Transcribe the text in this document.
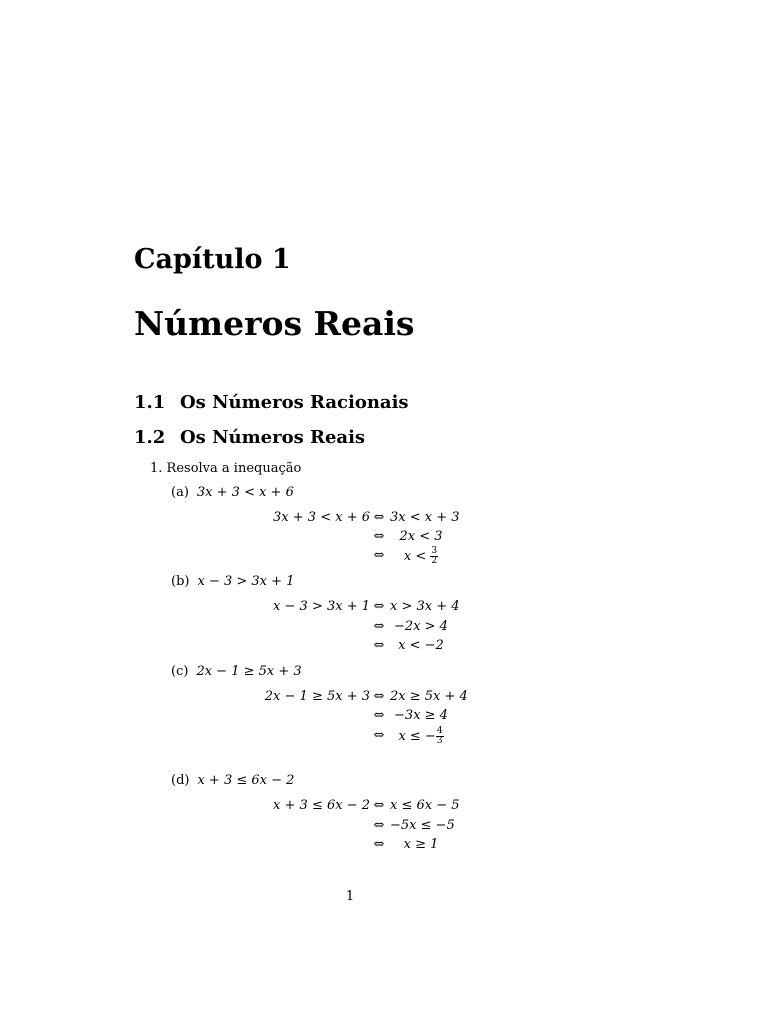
Capítulo 1
Números Reais
1.1 Os Números Racionais
1.2 Os Números Reais
1. Resolva a inequação
(a) 3x + 3 < x + 6
3x + 3 < x + 6 ⇔ 3x < x + 3
⇔	2x < 3
⇔	$x < \frac{3}{2}$
(b) x − 3 > 3x + 1
x − 3 > 3x + 1 ⇔ x > 3x + 4
⇔ −2x > 4
⇔	x < −2
(c) 2x − 1 ≥ 5x + 3
2x − 1 ≥ 5x + 3 ⇔ 2x ≥ 5x + 4
⇔ −3x ≥ 4
⇔	x ≤ − $\frac{4}{3}$
(d) x + 3 ≤ 6x − 2
x + 3 ≤ 6x − 2 ⇔ x ≤ 6x − 5
⇔ −5x ≤ −5
⇔	x ≥ 1
1
